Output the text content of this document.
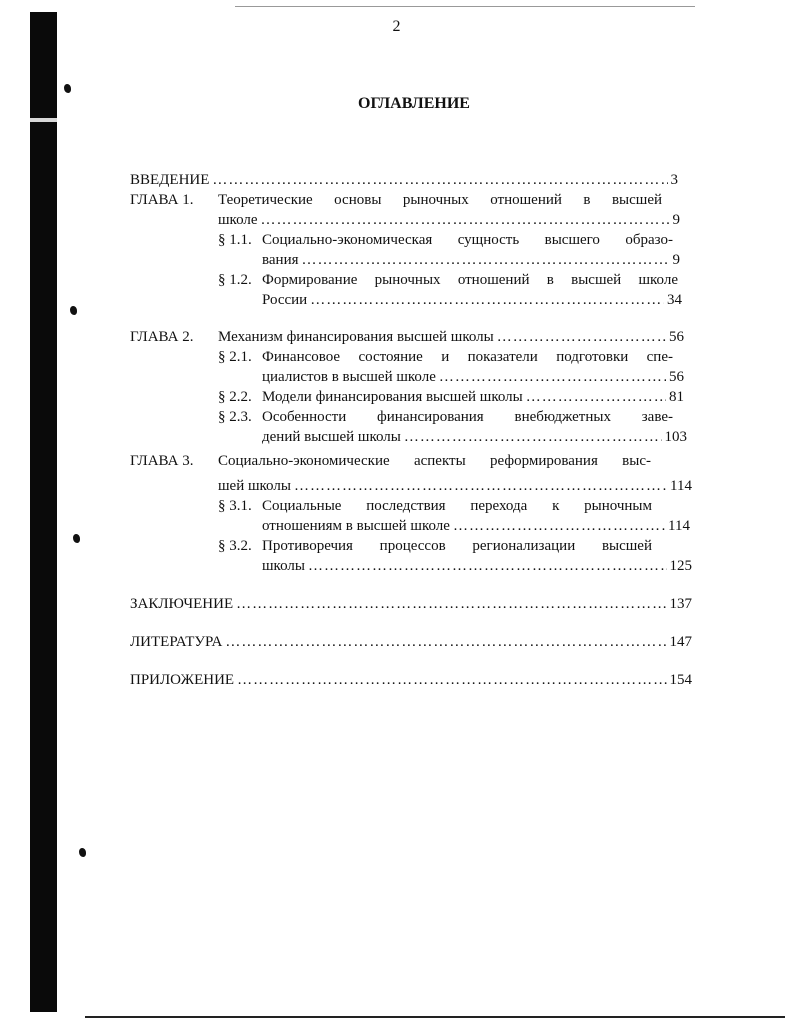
2
ОГЛАВЛЕНИЕ
ВВЕДЕНИЕ …………………………………………………………………………………………………………………………………	3
ГЛАВА 1. Теоретические основы рыночных отношений в высшей
школе …………………………………………………………………………………………………………………………………	9
§ 1.1. Социально-экономическая сущность высшего образо-
вания …………………………………………………………………………………………………………………………………	9
§ 1.2. Формирование рыночных отношений в высшей школе
России …………………………………………………………………………………………………………………………………	34
ГЛАВА 2. Механизм финансирования высшей школы …………………………………………………………………………………………………………………………………	56
§ 2.1. Финансовое состояние и показатели подготовки спе-
циалистов в высшей школе …………………………………………………………………………………………………………………………………	56
§ 2.2. Модели финансирования высшей школы …………………………………………………………………………………………………………………………………	81
§ 2.3. Особенности финансирования внебюджетных заве-
дений высшей школы …………………………………………………………………………………………………………………………………	103
ГЛАВА 3. Социально-экономические аспекты реформирования выс-
шей школы …………………………………………………………………………………………………………………………………	114
§ 3.1. Социальные последствия перехода к рыночным
отношениям в высшей школе …………………………………………………………………………………………………………………………………	114
§ 3.2. Противоречия процессов регионализации высшей
школы …………………………………………………………………………………………………………………………………	125
ЗАКЛЮЧЕНИЕ …………………………………………………………………………………………………………………………………	137
ЛИТЕРАТУРА …………………………………………………………………………………………………………………………………	147
ПРИЛОЖЕНИЕ …………………………………………………………………………………………………………………………………	154
